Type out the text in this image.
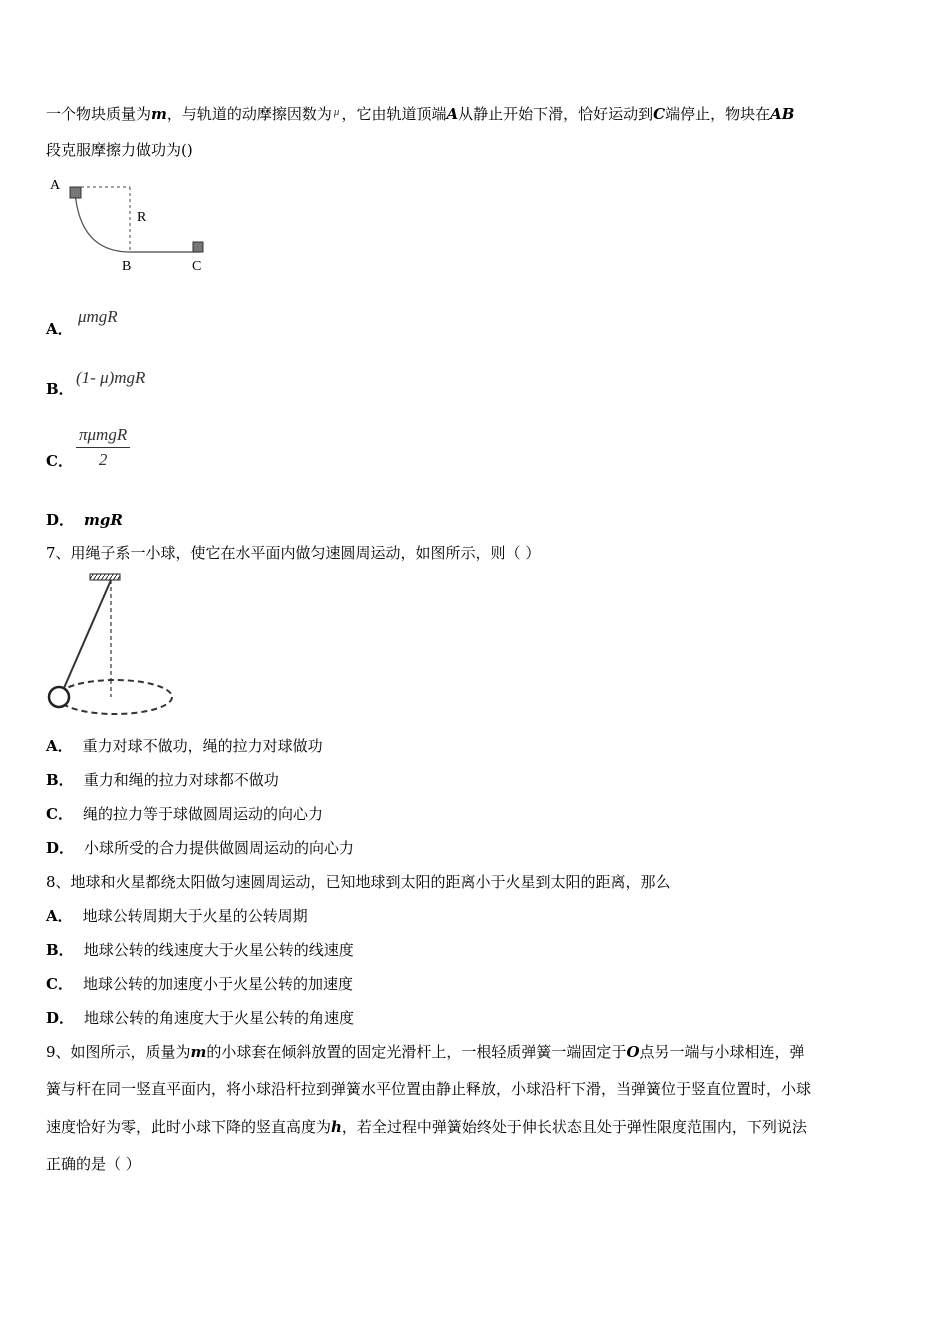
一个物块质量为m，与轨道的动摩擦因数为 $^\mu$ ，它由轨道顶端A从静止开始下滑，恰好运动到C端停止，物块在AB
段克服摩擦力做功为()
A
R
B	C
A．
μmgR
B．
(1- μ)mgR
C．
πμmgR
2
D． mgR
7、用绳子系一小球，使它在水平面内做匀速圆周运动，如图所示，则（ ）
A． 重力对球不做功，绳的拉力对球做功
B． 重力和绳的拉力对球都不做功
C． 绳的拉力等于球做圆周运动的向心力
D． 小球所受的合力提供做圆周运动的向心力
8、地球和火星都绕太阳做匀速圆周运动，已知地球到太阳的距离小于火星到太阳的距离，那么
A． 地球公转周期大于火星的公转周期
B． 地球公转的线速度大于火星公转的线速度
C． 地球公转的加速度小于火星公转的加速度
D． 地球公转的角速度大于火星公转的角速度
9、如图所示，质量为m的小球套在倾斜放置的固定光滑杆上，一根轻质弹簧一端固定于O点另一端与小球相连，弹
簧与杆在同一竖直平面内，将小球沿杆拉到弹簧水平位置由静止释放，小球沿杆下滑，当弹簧位于竖直位置时，小球
速度恰好为零，此时小球下降的竖直高度为h，若全过程中弹簧始终处于伸长状态且处于弹性限度范围内，下列说法
正确的是（ ）
